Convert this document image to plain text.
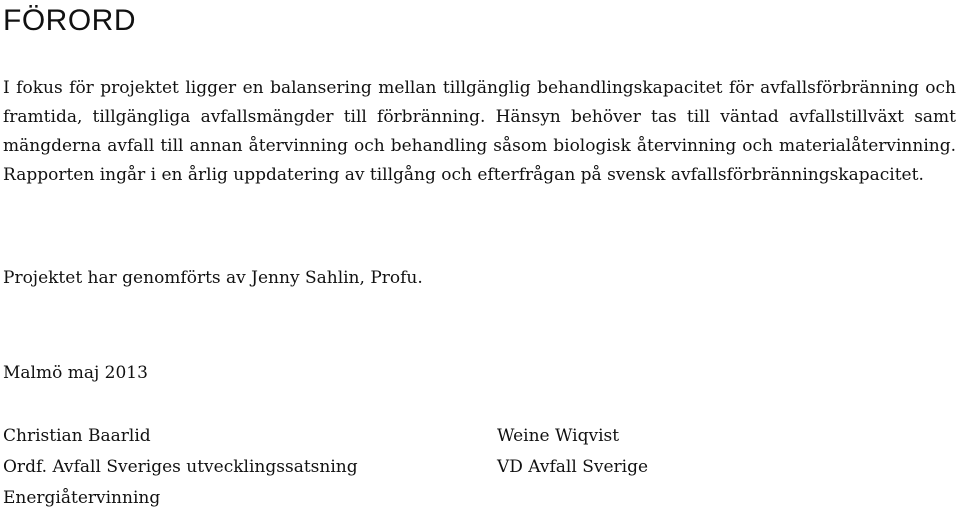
FÖRORD

I fokus för projektet ligger en balansering mellan tillgänglig behandlingskapacitet för avfallsförbränning och framtida, tillgängliga avfallsmängder till förbränning. Hänsyn behöver tas till väntad avfallstillväxt samt mängderna avfall till annan återvinning och behandling såsom biologisk återvinning och materialåtervinning. Rapporten ingår i en årlig uppdatering av tillgång och efterfrågan på svensk avfallsförbränningskapacitet.

Projektet har genomförts av Jenny Sahlin, Profu.

Malmö maj 2013

Christian Baarlid
Ordf. Avfall Sveriges utvecklingssatsning
Energiåtervinning
Weine Wiqvist
VD Avfall Sverige
